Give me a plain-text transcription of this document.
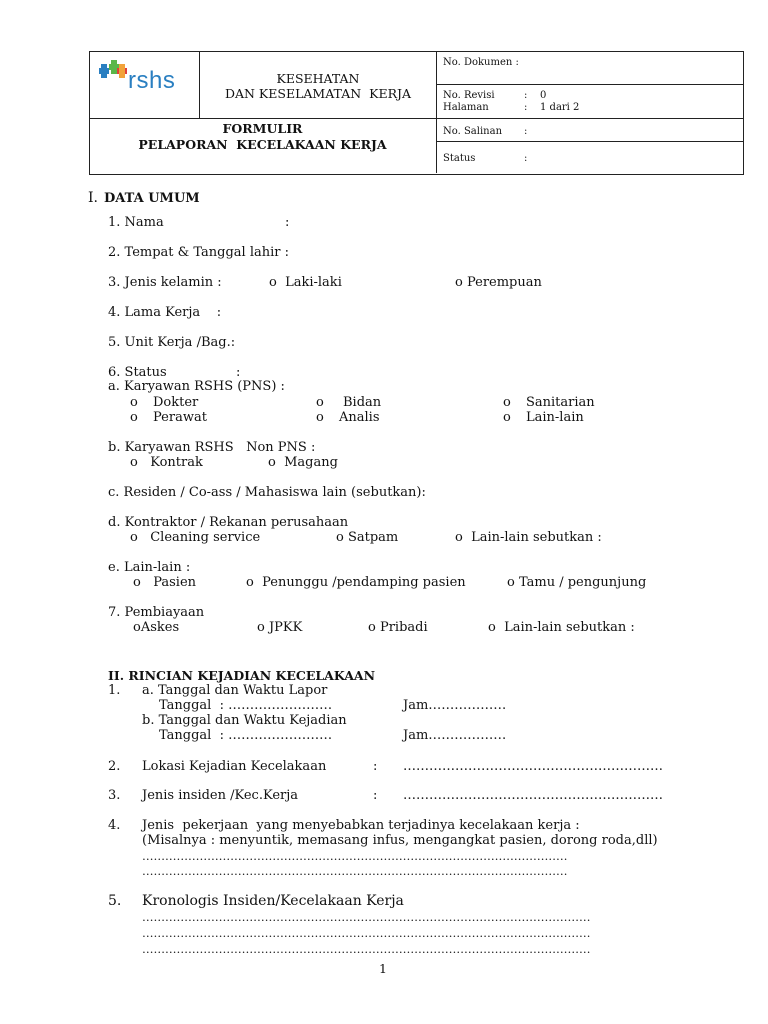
rshs	KESEHATAN
DAN KESELAMATAN  KERJA
FORMULIR
PELAPORAN  KECELAKAAN KERJA
No. Dokumen :
No. Revisi	: 0
Halaman	: 1 dari 2
No. Salinan :
Status	:
I. DATA UMUM
1. Nama	:
2. Tempat & Tanggal lahir :
3. Jenis kelamin :	o  Laki-laki	o Perempuan
4. Lama Kerja    :
5. Unit Kerja /Bag.:
6. Status	:
a. Karyawan RSHS (PNS) :
o Dokter	o Bidan	o Sanitarian
o Perawat	o Analis	o Lain-lain
b. Karyawan RSHS   Non PNS :
o   Kontrak	o  Magang
c. Residen / Co-ass / Mahasiswa lain (sebutkan):
d. Kontraktor / Rekanan perusahaan
o   Cleaning service	o Satpam	o  Lain-lain sebutkan :
e. Lain-lain :
o   Pasien	o  Penunggu /pendamping pasien	o Tamu / pengunjung
7. Pembiayaan
oAskes	o JPKK	o Pribadi	o  Lain-lain sebutkan :
II. RINCIAN KEJADIAN KECELAKAAN
1. a. Tanggal dan Waktu Lapor
Tanggal  : ……………………	Jam………………
b. Tanggal dan Waktu Kejadian
Tanggal  : ……………………	Jam………………
2. Lokasi Kejadian Kecelakaan	: ……………………………………………………
3. Jenis insiden /Kec.Kerja	: ……………………………………………………
4. Jenis  pekerjaan  yang menyebabkan terjadinya kecelakaan kerja :
(Misalnya : menyuntik, memasang infus, mengangkat pasien, dorong roda,dll)
…………………………………………………………………………………………………
…………………………………………………………………………………………………
5. Kronologis Insiden/Kecelakaan Kerja
………………………………………………………………………………………………………
………………………………………………………………………………………………………
………………………………………………………………………………………………………
1
